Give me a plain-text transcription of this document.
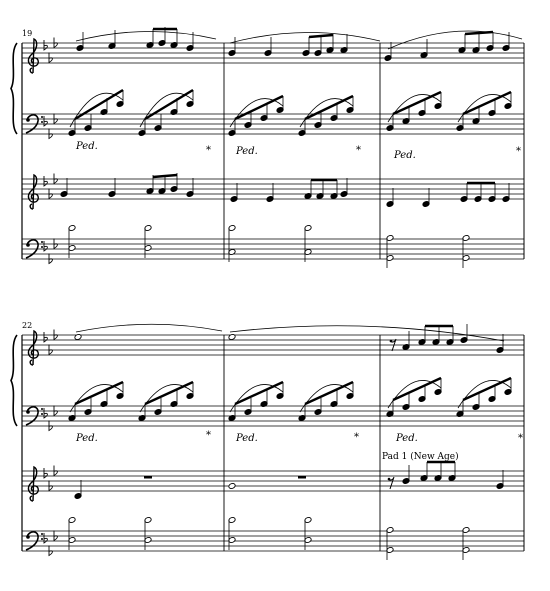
19
22
Pad 1 (New Age)
Ped.	*	Ped.	*	Ped.	*
Ped.	*	Ped.	*	Ped.	*
